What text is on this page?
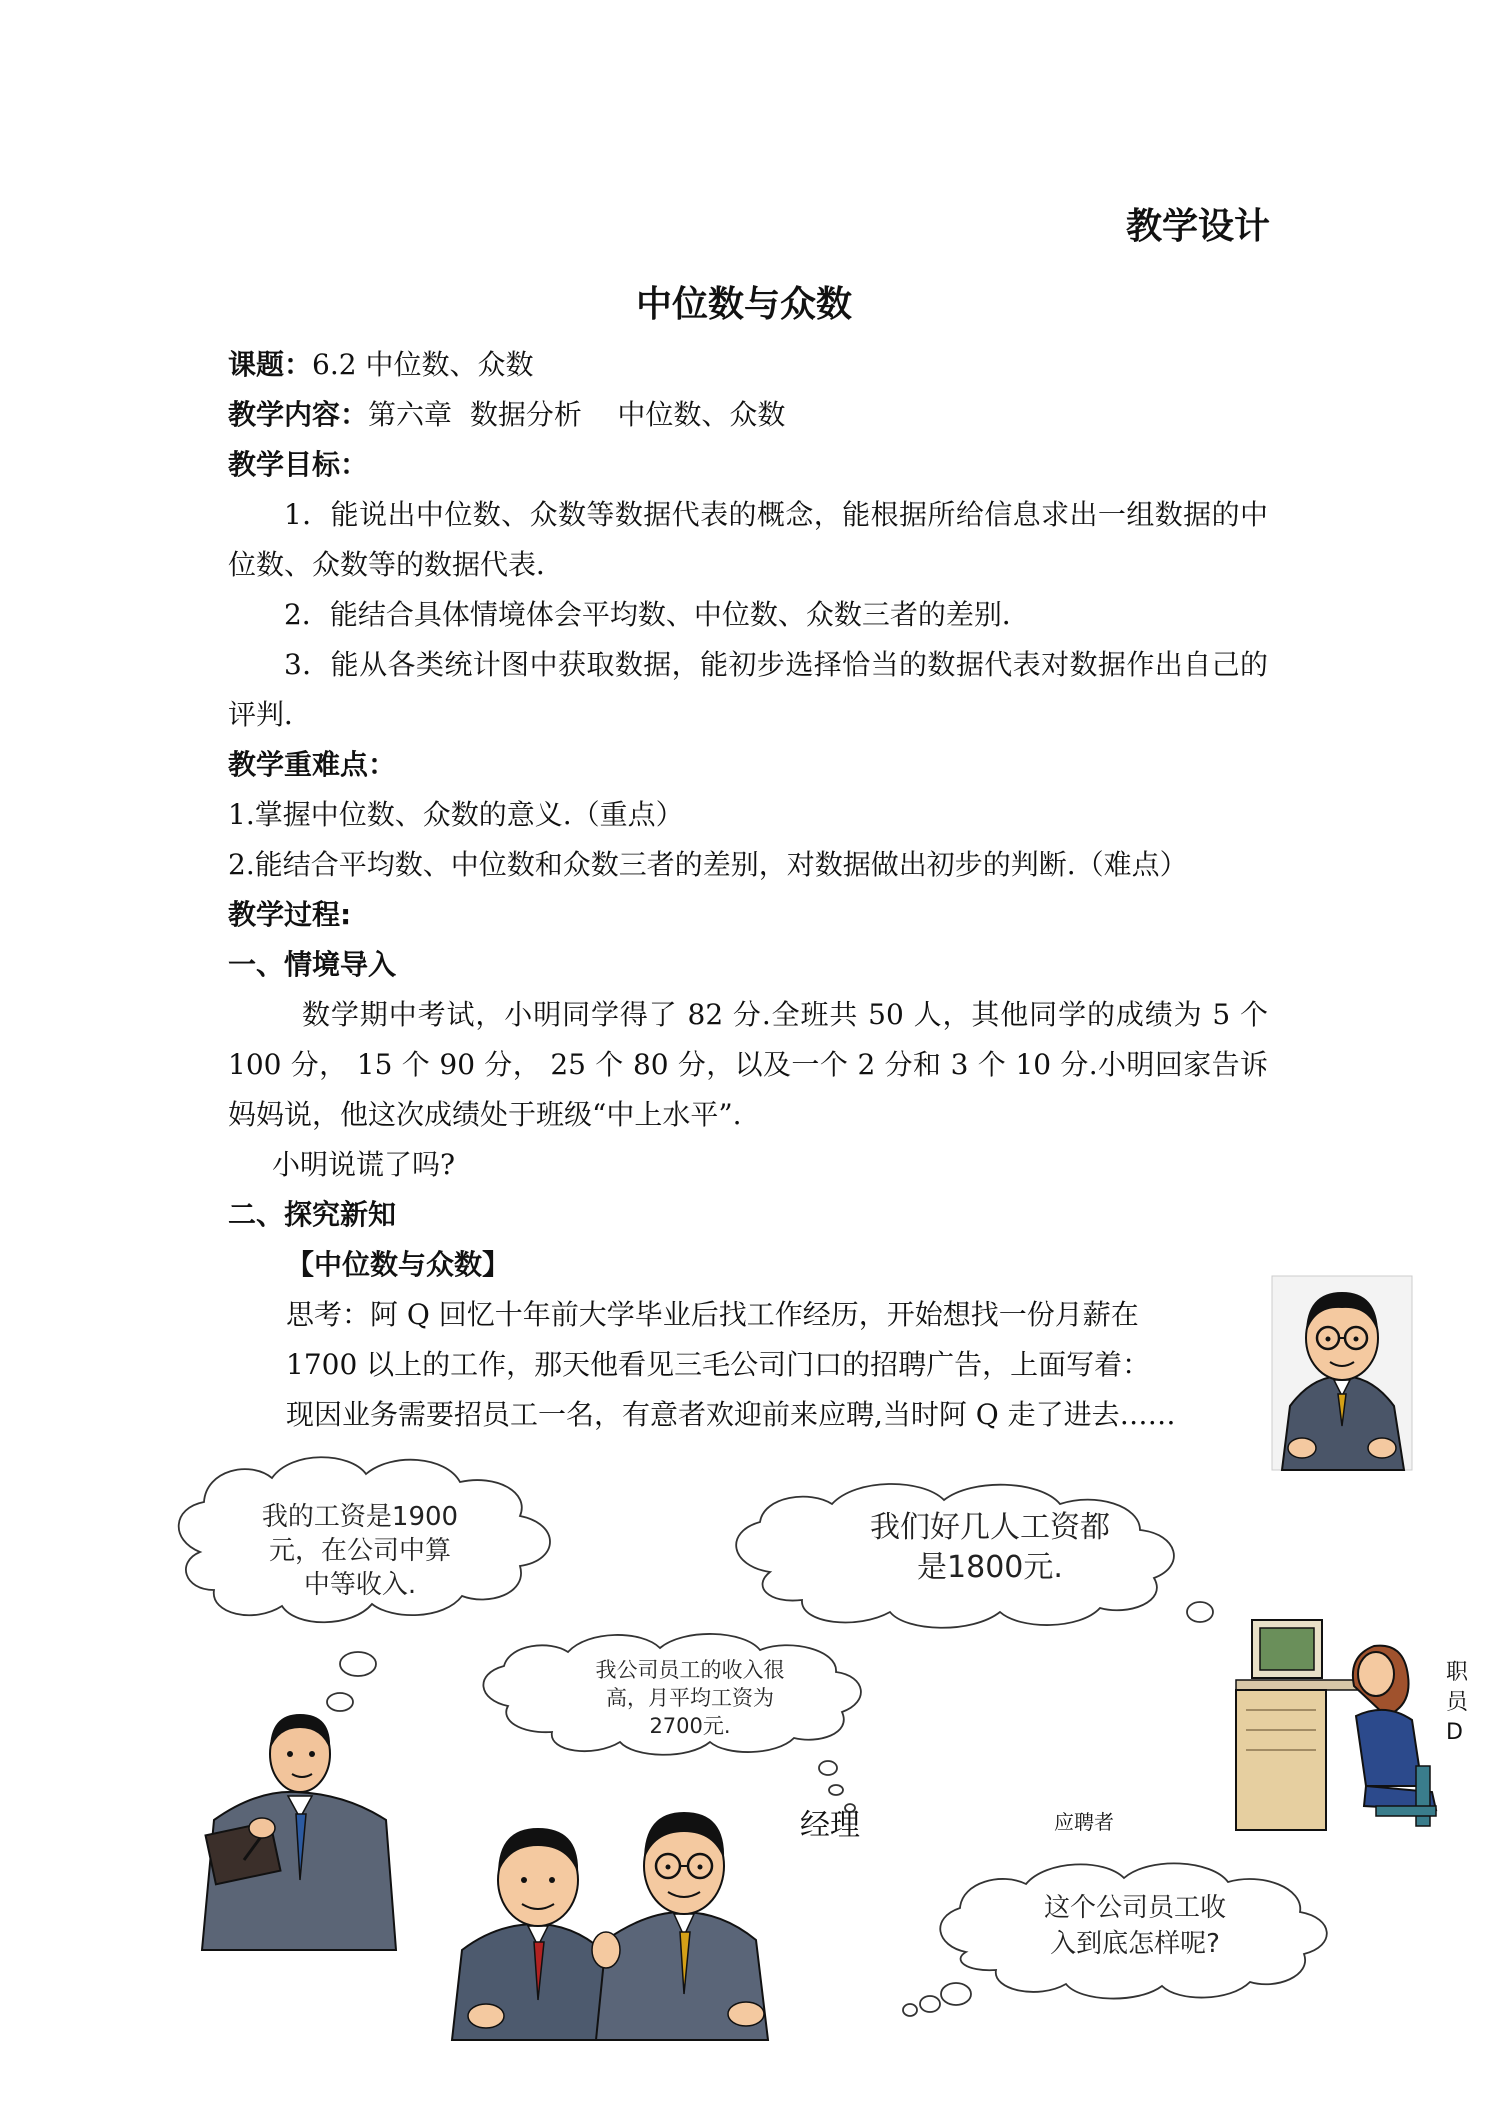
教学设计
中位数与众数
课题：6.2 中位数、众数
教学内容：第六章  数据分析    中位数、众数
教学目标：
1．能说出中位数、众数等数据代表的概念，能根据所给信息求出一组数据的中位数、众数等的数据代表．
2．能结合具体情境体会平均数、中位数、众数三者的差别．
3．能从各类统计图中获取数据，能初步选择恰当的数据代表对数据作出自己的评判．
教学重难点：
1.掌握中位数、众数的意义.（重点）
2.能结合平均数、中位数和众数三者的差别，对数据做出初步的判断.（难点）
教学过程:
一、情境导入
数学期中考试，小明同学得了 82 分.全班共 50 人，其他同学的成绩为 5 个 100 分， 15 个 90 分， 25 个 80 分，以及一个 2 分和 3 个 10 分.小明回家告诉妈妈说，他这次成绩处于班级“中上水平”.
小明说谎了吗?
二、探究新知
【中位数与众数】
思考：阿 Q 回忆十年前大学毕业后找工作经历，开始想找一份月薪在
1700 以上的工作，那天他看见三毛公司门口的招聘广告，上面写着：
现因业务需要招员工一名，有意者欢迎前来应聘,当时阿 Q 走了进去……
我的工资是1900
元，在公司中算
中等收入.
我们好几人工资都
是1800元.
我公司员工的收入很
高，月平均工资为
2700元.
这个公司员工收
入到底怎样呢?
经理	应聘者
职
员
D
